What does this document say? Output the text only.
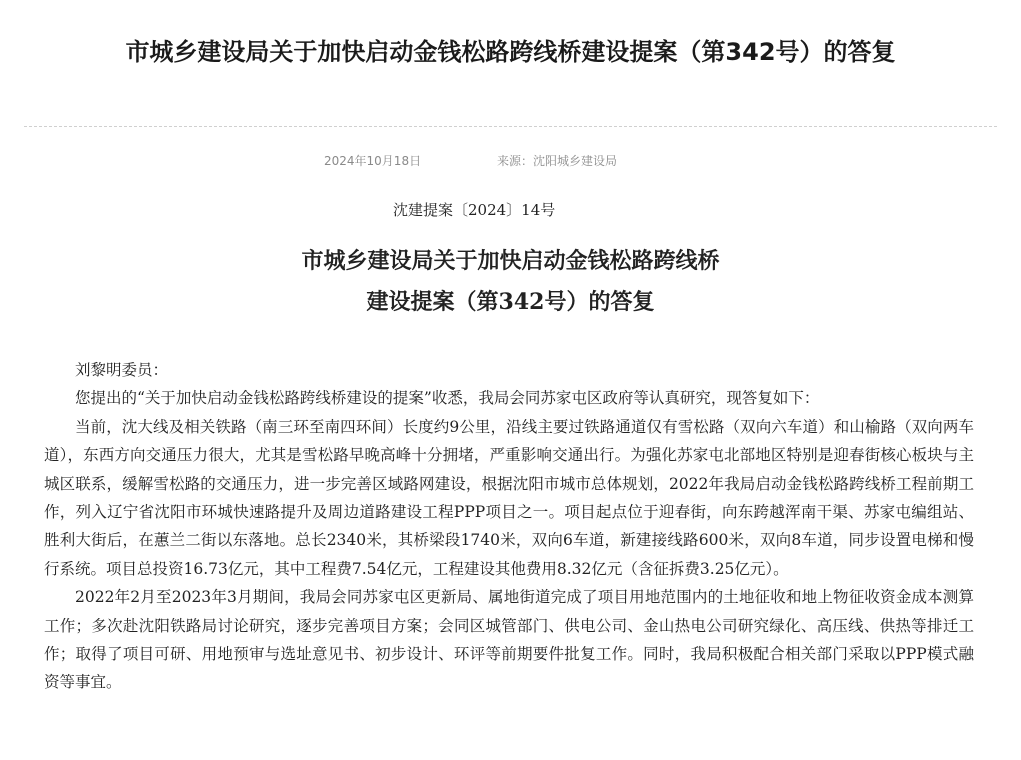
市城乡建设局关于加快启动金钱松路跨线桥建设提案（第342号）的答复
2024年10月18日	来源：沈阳城乡建设局
沈建提案〔2024〕14号
市城乡建设局关于加快启动金钱松路跨线桥
建设提案（第342号）的答复

刘黎明委员：

您提出的“关于加快启动金钱松路跨线桥建设的提案”收悉，我局会同苏家屯区政府等认真研究，现答复如下：

当前，沈大线及相关铁路（南三环至南四环间）长度约9公里，沿线主要过铁路通道仅有雪松路（双向六车道）和山榆路（双向两车道），东西方向交通压力很大，尤其是雪松路早晚高峰十分拥堵，严重影响交通出行。为强化苏家屯北部地区特别是迎春街核心板块与主城区联系，缓解雪松路的交通压力，进一步完善区域路网建设，根据沈阳市城市总体规划，2022年我局启动金钱松路跨线桥工程前期工作，列入辽宁省沈阳市环城快速路提升及周边道路建设工程PPP项目之一。项目起点位于迎春街，向东跨越浑南干渠、苏家屯编组站、胜利大街后，在蕙兰二街以东落地。总长2340米，其桥梁段1740米，双向6车道，新建接线路600米，双向8车道，同步设置电梯和慢行系统。项目总投资16.73亿元，其中工程费7.54亿元，工程建设其他费用8.32亿元（含征拆费3.25亿元）。

2022年2月至2023年3月期间，我局会同苏家屯区更新局、属地街道完成了项目用地范围内的土地征收和地上物征收资金成本测算工作；多次赴沈阳铁路局讨论研究，逐步完善项目方案；会同区城管部门、供电公司、金山热电公司研究绿化、高压线、供热等排迁工作；取得了项目可研、用地预审与选址意见书、初步设计、环评等前期要件批复工作。同时，我局积极配合相关部门采取以PPP模式融资等事宜。
